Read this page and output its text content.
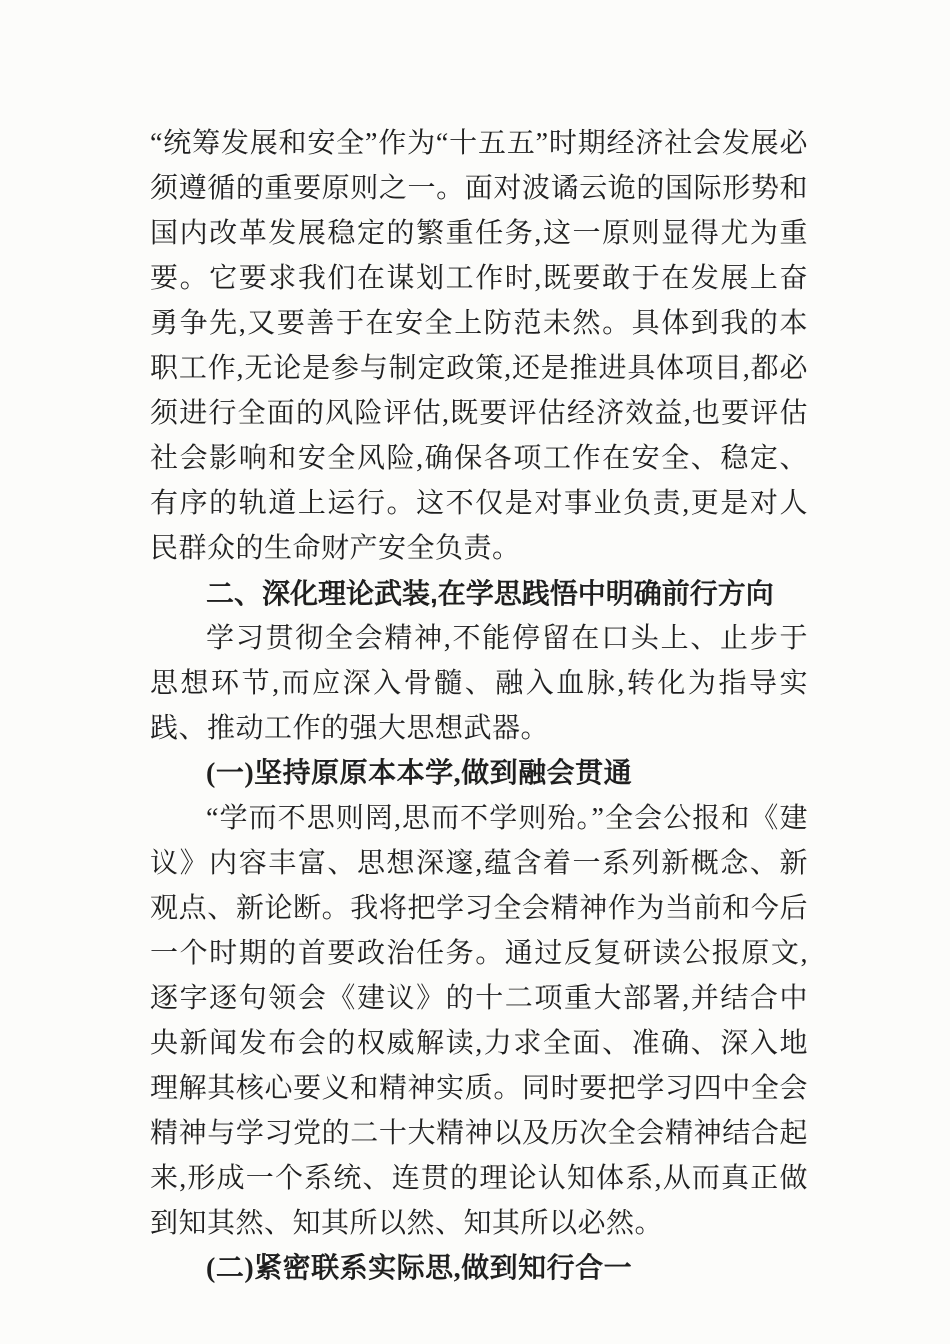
“统筹发展和安全”作为“十五五”时期经济社会发展必须遵循的重要原则之一。面对波谲云诡的国际形势和国内改革发展稳定的繁重任务,这一原则显得尤为重要。它要求我们在谋划工作时,既要敢于在发展上奋勇争先,又要善于在安全上防范未然。具体到我的本职工作,无论是参与制定政策,还是推进具体项目,都必须进行全面的风险评估,既要评估经济效益,也要评估社会影响和安全风险,确保各项工作在安全、稳定、有序的轨道上运行。这不仅是对事业负责,更是对人民群众的生命财产安全负责。
二、深化理论武装,在学思践悟中明确前行方向
学习贯彻全会精神,不能停留在口头上、止步于思想环节,而应深入骨髓、融入血脉,转化为指导实践、推动工作的强大思想武器。
(一)坚持原原本本学,做到融会贯通
“学而不思则罔,思而不学则殆。”全会公报和《建议》内容丰富、思想深邃,蕴含着一系列新概念、新观点、新论断。我将把学习全会精神作为当前和今后一个时期的首要政治任务。通过反复研读公报原文,逐字逐句领会《建议》的十二项重大部署,并结合中央新闻发布会的权威解读,力求全面、准确、深入地理解其核心要义和精神实质。同时要把学习四中全会精神与学习党的二十大精神以及历次全会精神结合起来,形成一个系统、连贯的理论认知体系,从而真正做到知其然、知其所以然、知其所以必然。
(二)紧密联系实际思,做到知行合一
